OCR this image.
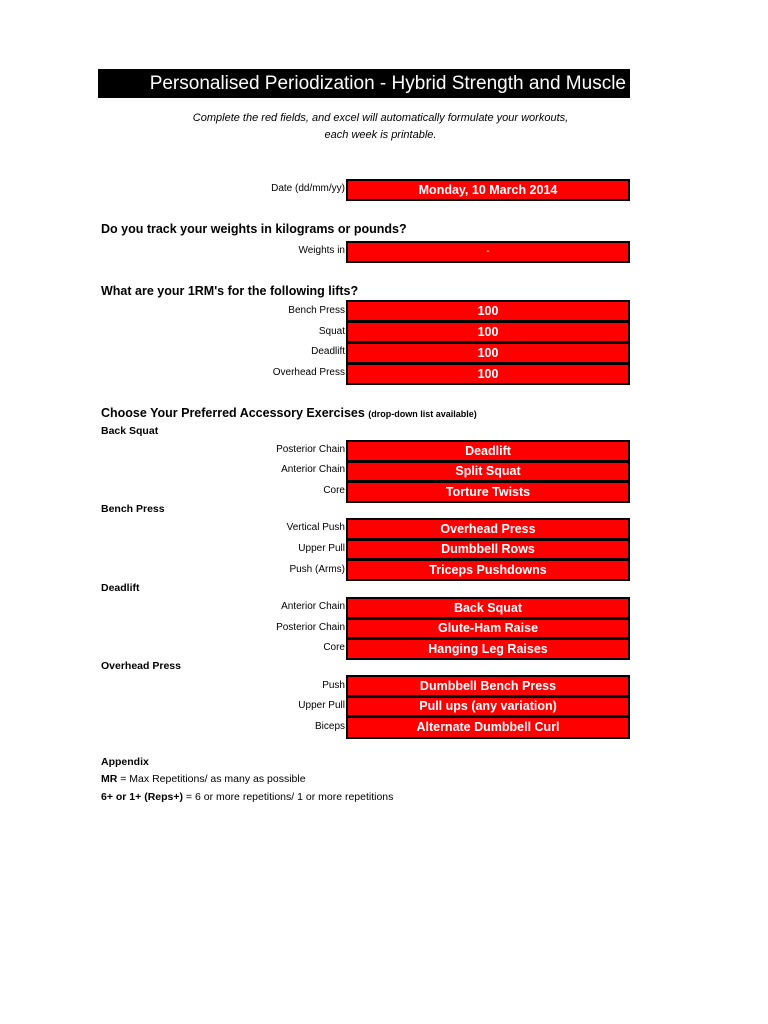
Personalised Periodization - Hybrid Strength and Muscle
Complete the red fields, and excel will automatically formulate your workouts,
each week is printable.
Date (dd/mm/yy)	Monday, 10 March 2014
Do you track your weights in kilograms or pounds?
Weights in	-
What are your 1RM's for the following lifts?
Bench Press	100
Squat	100
Deadlift	100
Overhead Press	100
Choose Your Preferred Accessory Exercises (drop-down list available)
Back Squat
Posterior Chain	Deadlift
Anterior Chain	Split Squat
Core	Torture Twists
Bench Press
Vertical Push	Overhead Press
Upper Pull	Dumbbell Rows
Push (Arms)	Triceps Pushdowns
Deadlift
Anterior Chain	Back Squat
Posterior Chain	Glute-Ham Raise
Core	Hanging Leg Raises
Overhead Press
Push	Dumbbell Bench Press
Upper Pull	Pull ups (any variation)
Biceps	Alternate Dumbbell Curl
Appendix
MR = Max Repetitions/ as many as possible
6+ or 1+ (Reps+) = 6 or more repetitions/ 1 or more repetitions
